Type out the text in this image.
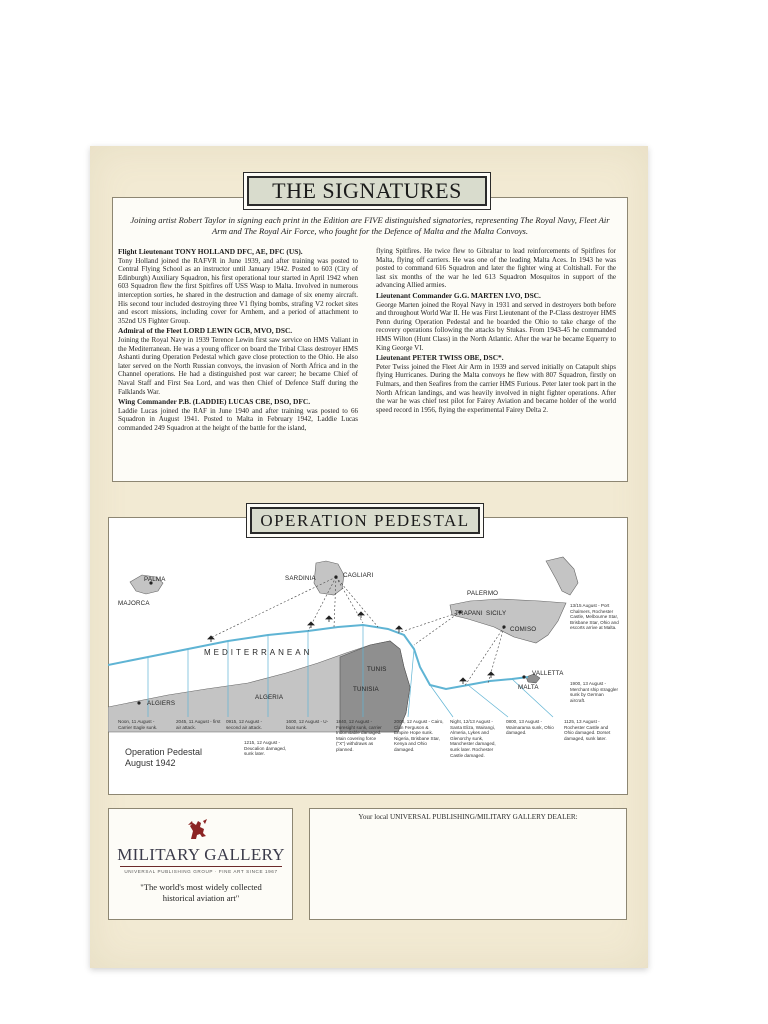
THE SIGNATURES
Joining artist Robert Taylor in signing each print in the Edition are FIVE distinguished signatories, representing The Royal Navy, Fleet Air Arm and The Royal Air Force, who fought for the Defence of Malta and the Malta Convoys.
Flight Lieutenant TONY HOLLAND DFC, AE, DFC (US).
Tony Holland joined the RAFVR in June 1939, and after training was posted to Central Flying School as an instructor until January 1942. Posted to 603 (City of Edinburgh) Auxiliary Squadron, his first operational tour started in April 1942 when 603 Squadron flew the first Spitfires off USS Wasp to Malta. Involved in numerous interception sorties, he shared in the destruction and damage of six enemy aircraft. His second tour included destroying three V1 flying bombs, strafing V2 rocket sites and escort missions, including cover for Arnhem, and a period of attachment to 352nd US Fighter Group.
Admiral of the Fleet LORD LEWIN GCB, MVO, DSC.
Joining the Royal Navy in 1939 Terence Lewin first saw service on HMS Valiant in the Mediterranean. He was a young officer on board the Tribal Class destroyer HMS Ashanti during Operation Pedestal which gave close protection to the Ohio. He also later served on the North Russian convoys, the invasion of North Africa and in the Channel operations. He had a distinguished post war career; he became Chief of Naval Staff and First Sea Lord, and was then Chief of Defence Staff during the Falklands War.
Wing Commander P.B. (LADDIE) LUCAS CBE, DSO, DFC.
Laddie Lucas joined the RAF in June 1940 and after training was posted to 66 Squadron in August 1941. Posted to Malta in February 1942, Laddie Lucas commanded 249 Squadron at the height of the battle for the island,
flying Spitfires. He twice flew to Gibraltar to lead reinforcements of Spitfires for Malta, flying off carriers. He was one of the leading Malta Aces. In 1943 he was posted to command 616 Squadron and later the fighter wing at Coltishall. For the last six months of the war he led 613 Squadron Mosquitos in support of the advancing Allied armies.
Lieutenant Commander G.G. MARTEN LVO, DSC.
George Marten joined the Royal Navy in 1931 and served in destroyers both before and throughout World War II. He was First Lieutenant of the P-Class destroyer HMS Penn during Operation Pedestal and he boarded the Ohio to take charge of the recovery operations following the attacks by Stukas. From 1943-45 he commanded HMS Wilton (Hunt Class) in the North Atlantic. After the war he became Equerry to King George VI.
Lieutenant PETER TWISS OBE, DSC*.
Peter Twiss joined the Fleet Air Arm in 1939 and served initially on Catapult ships flying Hurricanes. During the Malta convoys he flew with 807 Squadron, firstly on Fulmars, and then Seafires from the carrier HMS Furious. Peter later took part in the North African landings, and was heavily involved in night fighter operations. After the war he was chief test pilot for Fairey Aviation and became holder of the world speed record in 1956, flying the experimental Fairey Delta 2.
PALMA
MAJORCA
SARDINIA	CAGLIARI
PALERMO
SICILY
TRAPANI
COMISO
VALLETTA
MALTA
TUNIS
TUNISIA
ALGERIA
ALGIERS
MEDITERRANEAN
Noon, 11 August - Carrier Eagle sunk.
2045, 11 August - first air attack.
0915, 12 August - second air attack.
1215, 12 August - Deucalion damaged, sunk later.
1600, 12 August - U-boat sunk.
1840, 12 August - Foresight sunk, carrier Indomitable damaged. Main covering force ("X") withdraws as planned.
2000, 12 August - Cairo, Clan Ferguson & Empire Hope sunk. Nigeria, Brisbane Star, Kenya and Ohio damaged.
Night, 12/13 August - Santa Eliza, Wairangi, Almeria, Lykes and Glenorchy sunk, Manchester damaged, sunk later. Rochester Castle damaged.
0800, 13 August - Waimarama sunk, Ohio damaged.
1125, 13 August - Rochester Castle and Ohio damaged. Dorset damaged, sunk later.
13/15 August - Port Chalmers, Rochester Castle, Melbourne Star, Brisbane Star, Ohio and escorts arrive at Malta.
1900, 13 August - Merchant ship straggler sunk by German aircraft.
Operation Pedestal
August 1942
OPERATION PEDESTAL
MILITARY GALLERY
UNIVERSAL PUBLISHING GROUP · FINE ART SINCE 1967
"The world's most widely collected
historical aviation art"
Your local UNIVERSAL PUBLISHING/MILITARY GALLERY DEALER:
